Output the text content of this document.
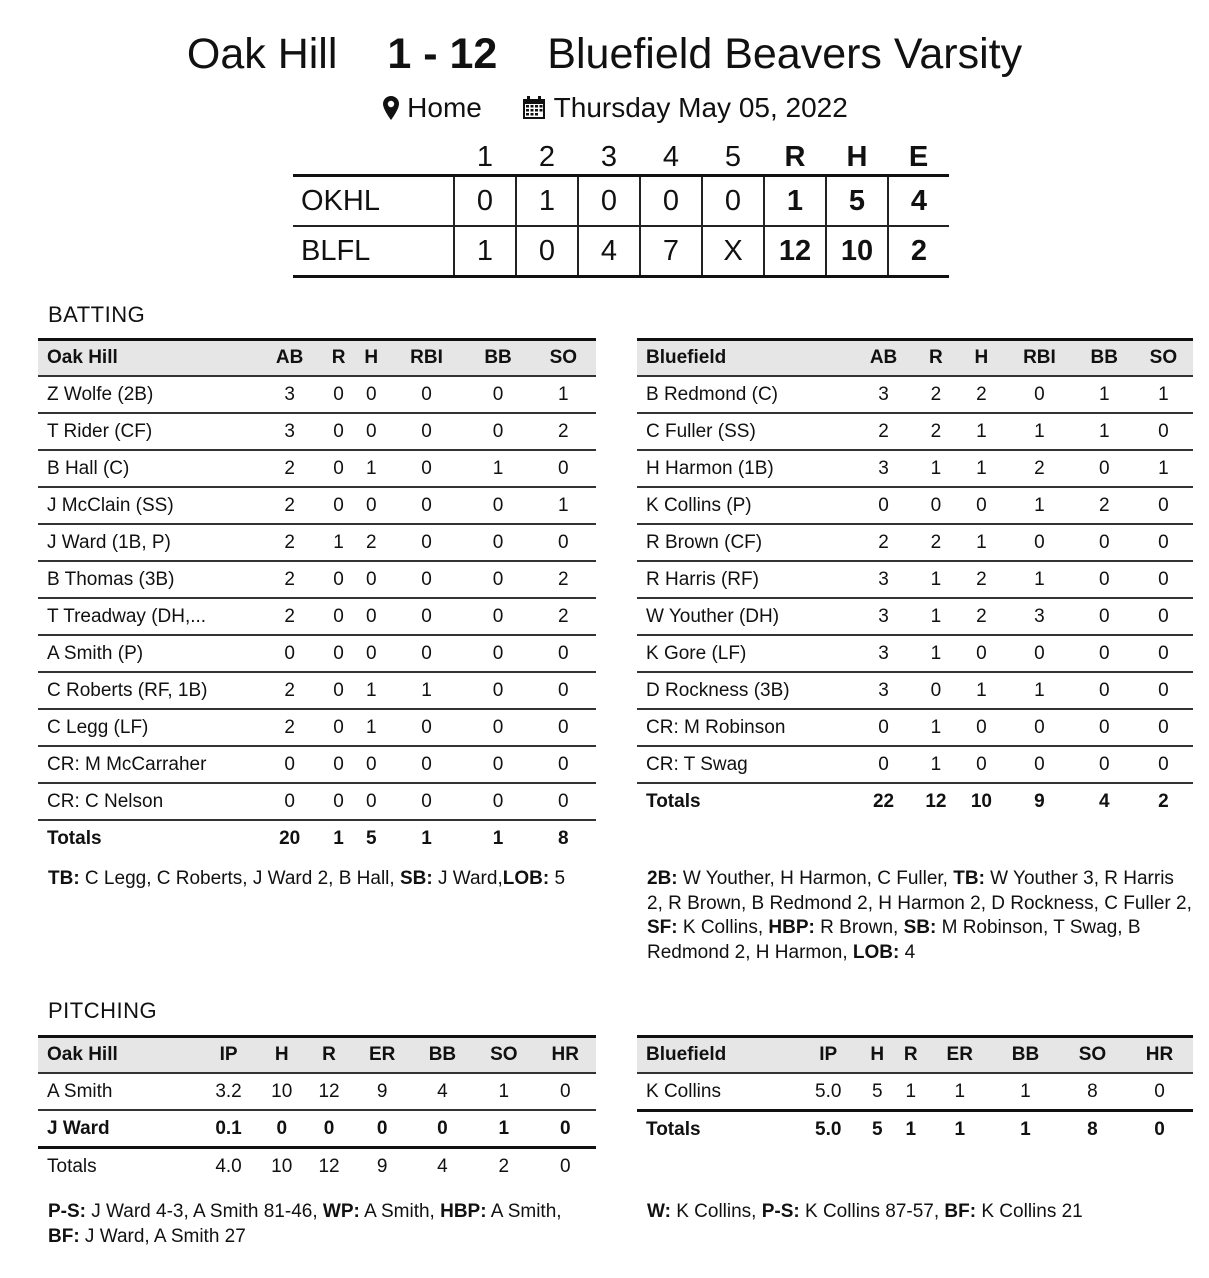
Oak Hill 1 - 12 Bluefield Beavers Varsity
Home	Thursday May 05, 2022
	1	2	3	4	5	R	H	E
OKHL	0	1	0	0	0	1	5	4
BLFL	1	0	4	7	X	12	10	2
BATTING
Oak Hill	AB	R	H	RBI	BB	SO
Z Wolfe (2B)	3	0	0	0	0	1
T Rider (CF)	3	0	0	0	0	2
B Hall (C)	2	0	1	0	1	0
J McClain (SS)	2	0	0	0	0	1
J Ward (1B, P)	2	1	2	0	0	0
B Thomas (3B)	2	0	0	0	0	2
T Treadway (DH,...	2	0	0	0	0	2
A Smith (P)	0	0	0	0	0	0
C Roberts (RF, 1B)	2	0	1	1	0	0
C Legg (LF)	2	0	1	0	0	0
CR: M McCarraher	0	0	0	0	0	0
CR: C Nelson	0	0	0	0	0	0
Totals	20	1	5	1	1	8
Bluefield	AB	R	H	RBI	BB	SO
B Redmond (C)	3	2	2	0	1	1
C Fuller (SS)	2	2	1	1	1	0
H Harmon (1B)	3	1	1	2	0	1
K Collins (P)	0	0	0	1	2	0
R Brown (CF)	2	2	1	0	0	0
R Harris (RF)	3	1	2	1	0	0
W Youther (DH)	3	1	2	3	0	0
K Gore (LF)	3	1	0	0	0	0
D Rockness (3B)	3	0	1	1	0	0
CR: M Robinson	0	1	0	0	0	0
CR: T Swag	0	1	0	0	0	0
Totals	22	12	10	9	4	2
TB: C Legg, C Roberts, J Ward 2, B Hall, SB: J Ward,LOB: 5	2B: W Youther, H Harmon, C Fuller, TB: W Youther 3, R Harris 2, R Brown, B Redmond 2, H Harmon 2, D Rockness, C Fuller 2, SF: K Collins, HBP: R Brown, SB: M Robinson, T Swag, B Redmond 2, H Harmon, LOB: 4
PITCHING
Oak Hill	IP	H	R	ER	BB	SO	HR
A Smith	3.2	10	12	9	4	1	0
J Ward	0.1	0	0	0	0	1	0
Totals	4.0	10	12	9	4	2	0
Bluefield	IP	H	R	ER	BB	SO	HR
K Collins	5.0	5	1	1	1	8	0
Totals	5.0	5	1	1	1	8	0
P-S: J Ward 4-3, A Smith 81-46, WP: A Smith, HBP: A Smith, BF: J Ward, A Smith 27
W: K Collins, P-S: K Collins 87-57, BF: K Collins 21
